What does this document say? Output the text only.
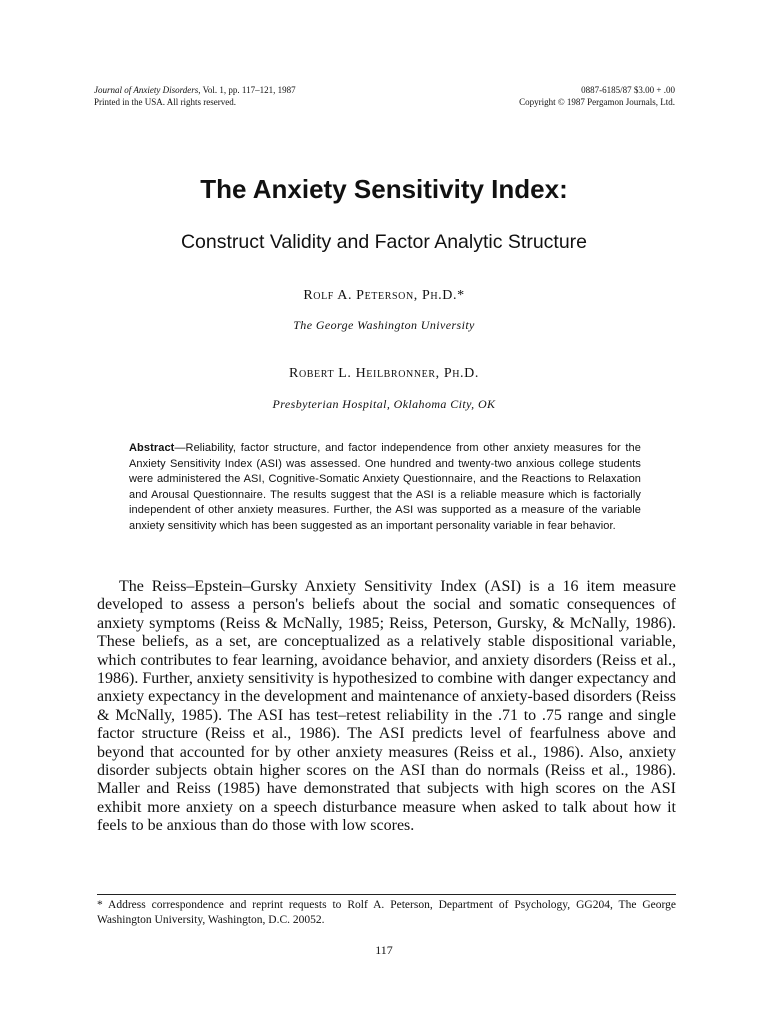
Journal of Anxiety Disorders, Vol. 1, pp. 117–121, 1987
Printed in the USA. All rights reserved.
0887-6185/87 $3.00 + .00
Copyright © 1987 Pergamon Journals, Ltd.
The Anxiety Sensitivity Index:
Construct Validity and Factor Analytic Structure
Rolf A. Peterson, Ph.D.*
The George Washington University
Robert L. Heilbronner, Ph.D.
Presbyterian Hospital, Oklahoma City, OK
Abstract—Reliability, factor structure, and factor independence from other anxiety measures for the Anxiety Sensitivity Index (ASI) was assessed. One hundred and twenty-two anxious college students were administered the ASI, Cognitive-Somatic Anxiety Questionnaire, and the Reactions to Relaxation and Arousal Questionnaire. The results suggest that the ASI is a reliable measure which is factorially independent of other anxiety measures. Further, the ASI was supported as a measure of the variable anxiety sensitivity which has been suggested as an important personality variable in fear behavior.
The Reiss–Epstein–Gursky Anxiety Sensitivity Index (ASI) is a 16 item measure developed to assess a person's beliefs about the social and somatic consequences of anxiety symptoms (Reiss & McNally, 1985; Reiss, Peterson, Gursky, & McNally, 1986). These beliefs, as a set, are conceptualized as a relatively stable dispositional variable, which contributes to fear learning, avoidance behavior, and anxiety disorders (Reiss et al., 1986). Further, anxiety sensitivity is hypothesized to combine with danger expectancy and anxiety expectancy in the development and maintenance of anxiety-based disorders (Reiss & McNally, 1985). The ASI has test–retest reliability in the .71 to .75 range and single factor structure (Reiss et al., 1986). The ASI predicts level of fearfulness above and beyond that accounted for by other anxiety measures (Reiss et al., 1986). Also, anxiety disorder subjects obtain higher scores on the ASI than do normals (Reiss et al., 1986). Maller and Reiss (1985) have demonstrated that subjects with high scores on the ASI exhibit more anxiety on a speech disturbance measure when asked to talk about how it feels to be anxious than do those with low scores.
* Address correspondence and reprint requests to Rolf A. Peterson, Department of Psychology, GG204, The George Washington University, Washington, D.C. 20052.
117
